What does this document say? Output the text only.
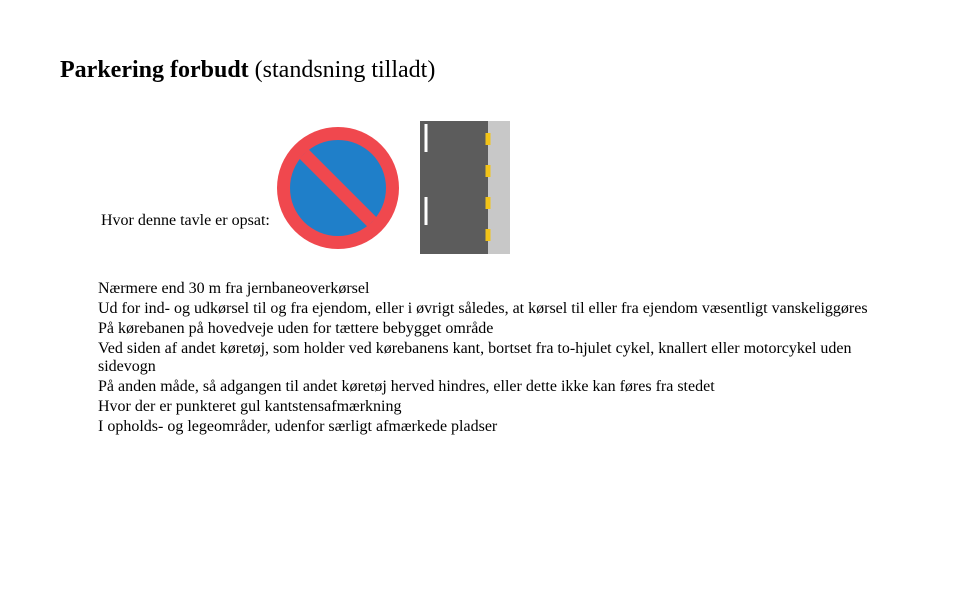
Parkering forbudt (standsning tilladt)
Hvor denne tavle er opsat:
Nærmere end 30 m fra jernbaneoverkørsel
Ud for ind- og udkørsel til og fra ejendom, eller i øvrigt således, at kørsel til eller fra ejendom væsentligt vanskeliggøres
På kørebanen på hovedveje uden for tættere bebygget område
Ved siden af andet køretøj, som holder ved kørebanens kant, bortset fra to-hjulet cykel, knallert eller motorcykel uden sidevogn
På anden måde, så adgangen til andet køretøj herved hindres, eller dette ikke kan føres fra stedet
Hvor der er punkteret gul kantstensafmærkning
I opholds- og legeområder, udenfor særligt afmærkede pladser
